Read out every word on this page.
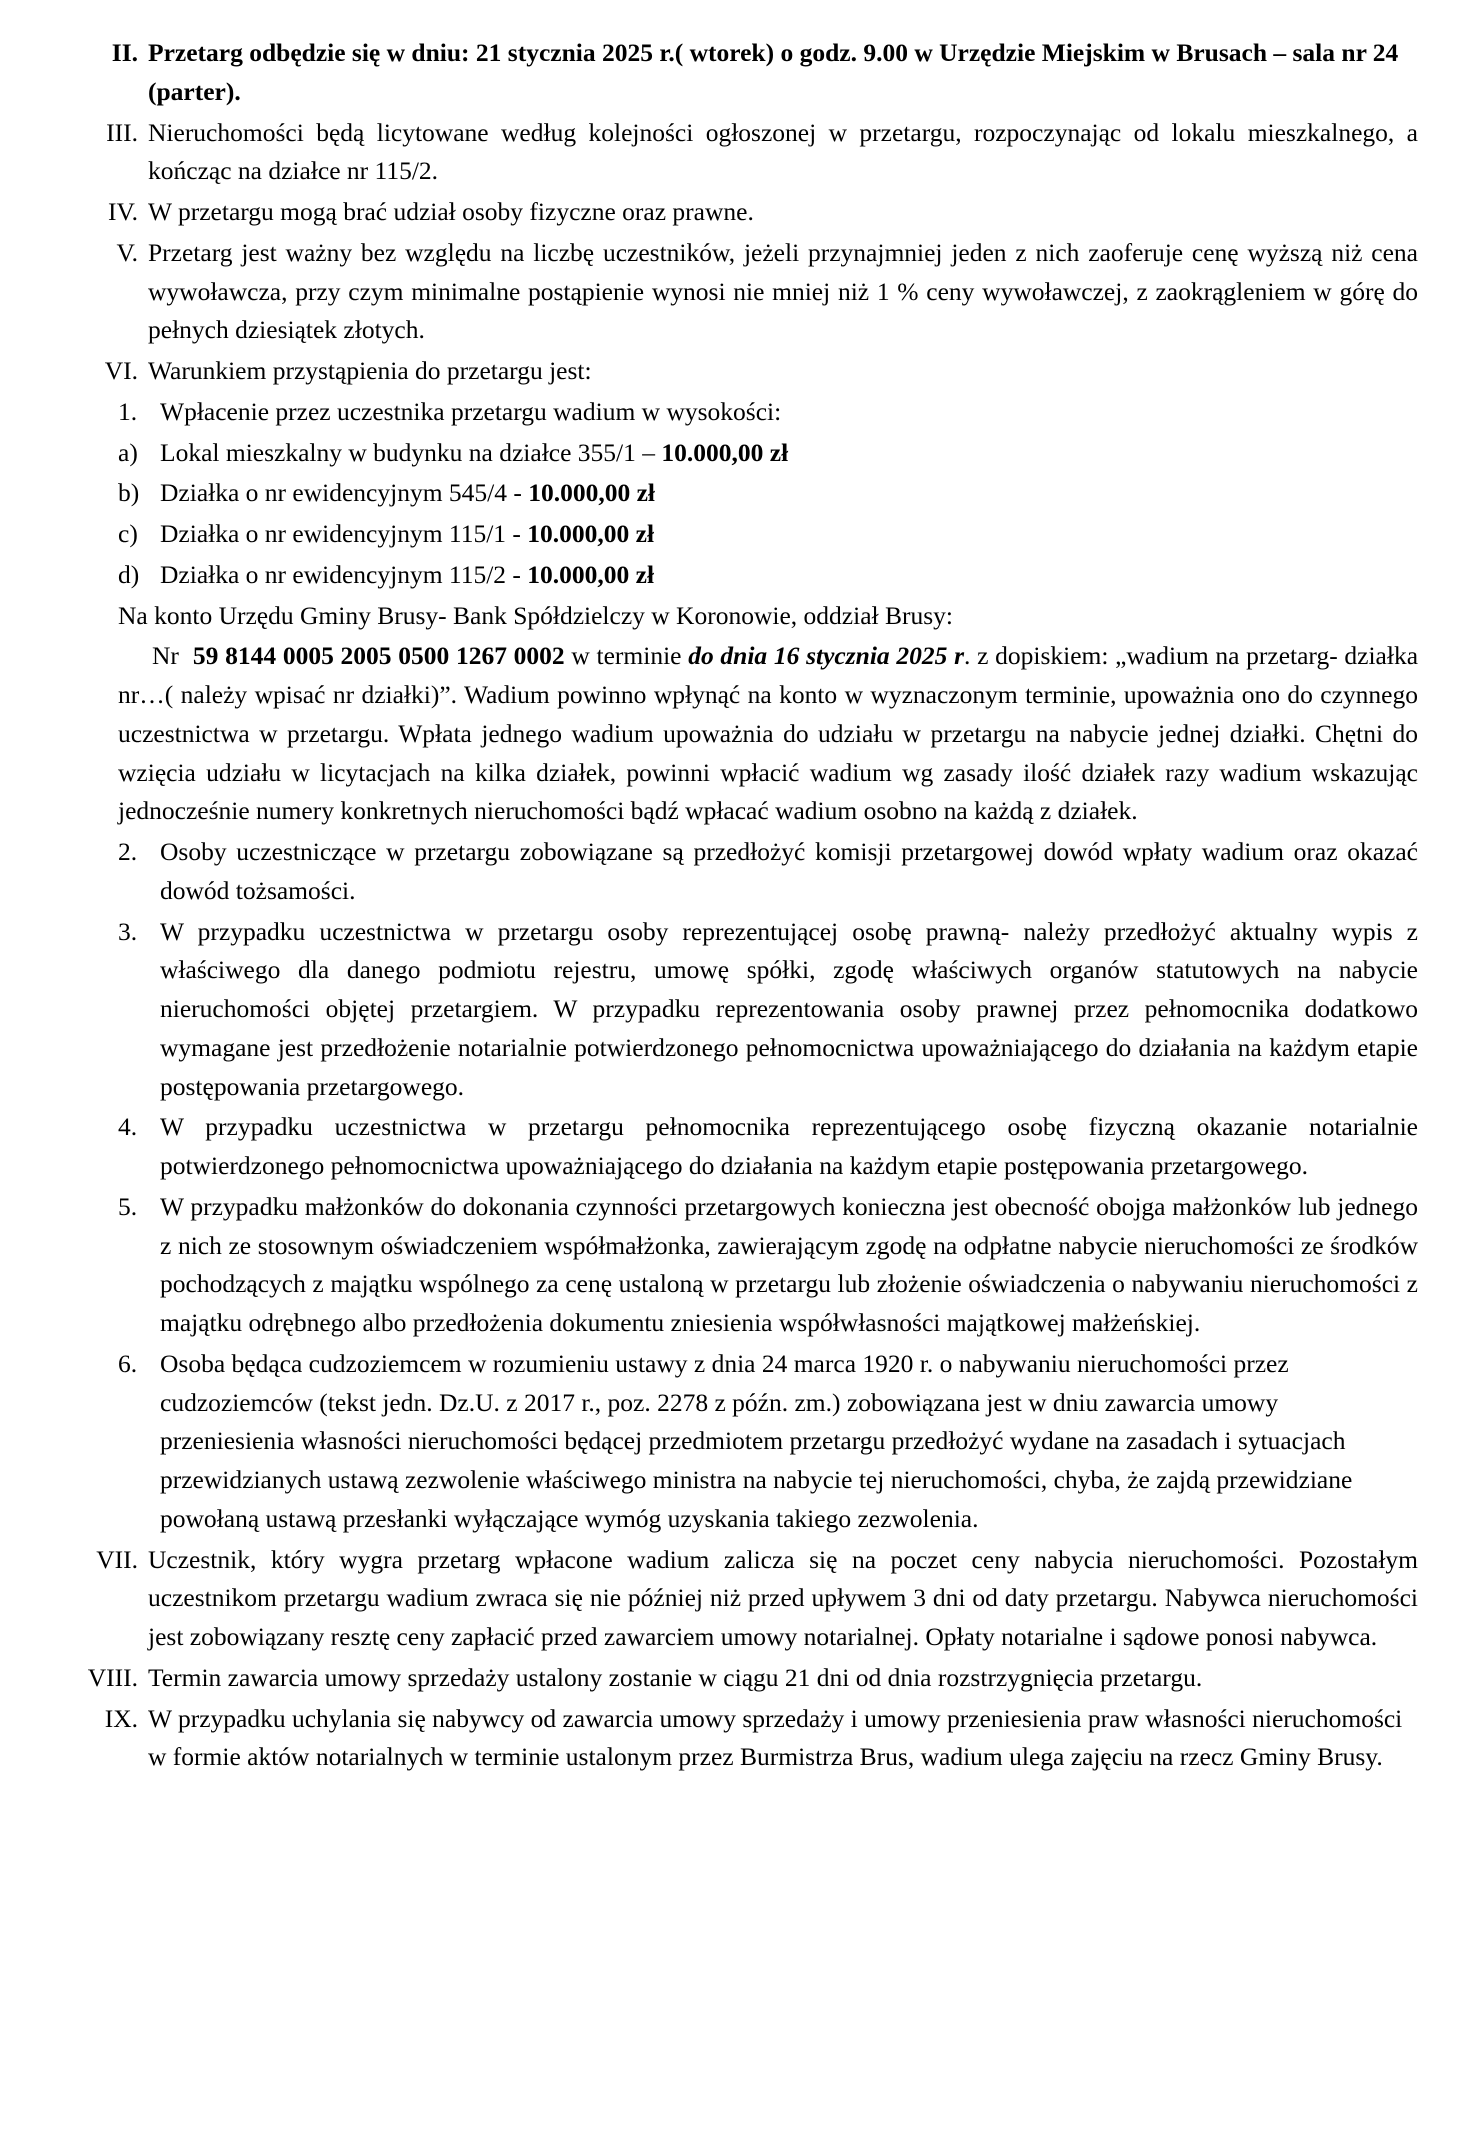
II. Przetarg odbędzie się w dniu: 21 stycznia 2025 r.( wtorek) o godz. 9.00 w Urzędzie Miejskim w Brusach – sala nr 24 (parter).
III. Nieruchomości będą licytowane według kolejności ogłoszonej w przetargu, rozpoczynając od lokalu mieszkalnego, a kończąc na działce nr 115/2.
IV. W przetargu mogą brać udział osoby fizyczne oraz prawne.
V. Przetarg jest ważny bez względu na liczbę uczestników, jeżeli przynajmniej jeden z nich zaoferuje cenę wyższą niż cena wywoławcza, przy czym minimalne postąpienie wynosi nie mniej niż 1 % ceny wywoławczej, z zaokrągleniem w górę do pełnych dziesiątek złotych.
VI. Warunkiem przystąpienia do przetargu jest:
1. Wpłacenie przez uczestnika przetargu wadium w wysokości:
a) Lokal mieszkalny w budynku na działce 355/1 – 10.000,00 zł
b) Działka o nr ewidencyjnym 545/4 - 10.000,00 zł
c) Działka o nr ewidencyjnym 115/1 - 10.000,00 zł
d) Działka o nr ewidencyjnym 115/2 - 10.000,00 zł
Na konto Urzędu Gminy Brusy- Bank Spółdzielczy w Koronowie, oddział Brusy:
Nr 59 8144 0005 2005 0500 1267 0002 w terminie do dnia 16 stycznia 2025 r. z dopiskiem: „wadium na przetarg- działka nr…( należy wpisać nr działki)”. Wadium powinno wpłynąć na konto w wyznaczonym terminie, upoważnia ono do czynnego uczestnictwa w przetargu. Wpłata jednego wadium upoważnia do udziału w przetargu na nabycie jednej działki. Chętni do wzięcia udziału w licytacjach na kilka działek, powinni wpłacić wadium wg zasady ilość działek razy wadium wskazując jednocześnie numery konkretnych nieruchomości bądź wpłacać wadium osobno na każdą z działek.
2. Osoby uczestniczące w przetargu zobowiązane są przedłożyć komisji przetargowej dowód wpłaty wadium oraz okazać dowód tożsamości.
3. W przypadku uczestnictwa w przetargu osoby reprezentującej osobę prawną- należy przedłożyć aktualny wypis z właściwego dla danego podmiotu rejestru, umowę spółki, zgodę właściwych organów statutowych na nabycie nieruchomości objętej przetargiem. W przypadku reprezentowania osoby prawnej przez pełnomocnika dodatkowo wymagane jest przedłożenie notarialnie potwierdzonego pełnomocnictwa upoważniającego do działania na każdym etapie postępowania przetargowego.
4. W przypadku uczestnictwa w przetargu pełnomocnika reprezentującego osobę fizyczną okazanie notarialnie potwierdzonego pełnomocnictwa upoważniającego do działania na każdym etapie postępowania przetargowego.
5. W przypadku małżonków do dokonania czynności przetargowych konieczna jest obecność obojga małżonków lub jednego z nich ze stosownym oświadczeniem współmałżonka, zawierającym zgodę na odpłatne nabycie nieruchomości ze środków pochodzących z majątku wspólnego za cenę ustaloną w przetargu lub złożenie oświadczenia o nabywaniu nieruchomości z majątku odrębnego albo przedłożenia dokumentu zniesienia współwłasności majątkowej małżeńskiej.
6. Osoba będąca cudzoziemcem w rozumieniu ustawy z dnia 24 marca 1920 r. o nabywaniu nieruchomości przez cudzoziemców (tekst jedn. Dz.U. z 2017 r., poz. 2278 z późn. zm.) zobowiązana jest w dniu zawarcia umowy przeniesienia własności nieruchomości będącej przedmiotem przetargu przedłożyć wydane na zasadach i sytuacjach przewidzianych ustawą zezwolenie właściwego ministra na nabycie tej nieruchomości, chyba, że zajdą przewidziane powołaną ustawą przesłanki wyłączające wymóg uzyskania takiego zezwolenia.
VII. Uczestnik, który wygra przetarg wpłacone wadium zalicza się na poczet ceny nabycia nieruchomości. Pozostałym uczestnikom przetargu wadium zwraca się nie później niż przed upływem 3 dni od daty przetargu. Nabywca nieruchomości jest zobowiązany resztę ceny zapłacić przed zawarciem umowy notarialnej. Opłaty notarialne i sądowe ponosi nabywca.
VIII. Termin zawarcia umowy sprzedaży ustalony zostanie w ciągu 21 dni od dnia rozstrzygnięcia przetargu.
IX. W przypadku uchylania się nabywcy od zawarcia umowy sprzedaży i umowy przeniesienia praw własności nieruchomości w formie aktów notarialnych w terminie ustalonym przez Burmistrza Brus, wadium ulega zajęciu na rzecz Gminy Brusy.
